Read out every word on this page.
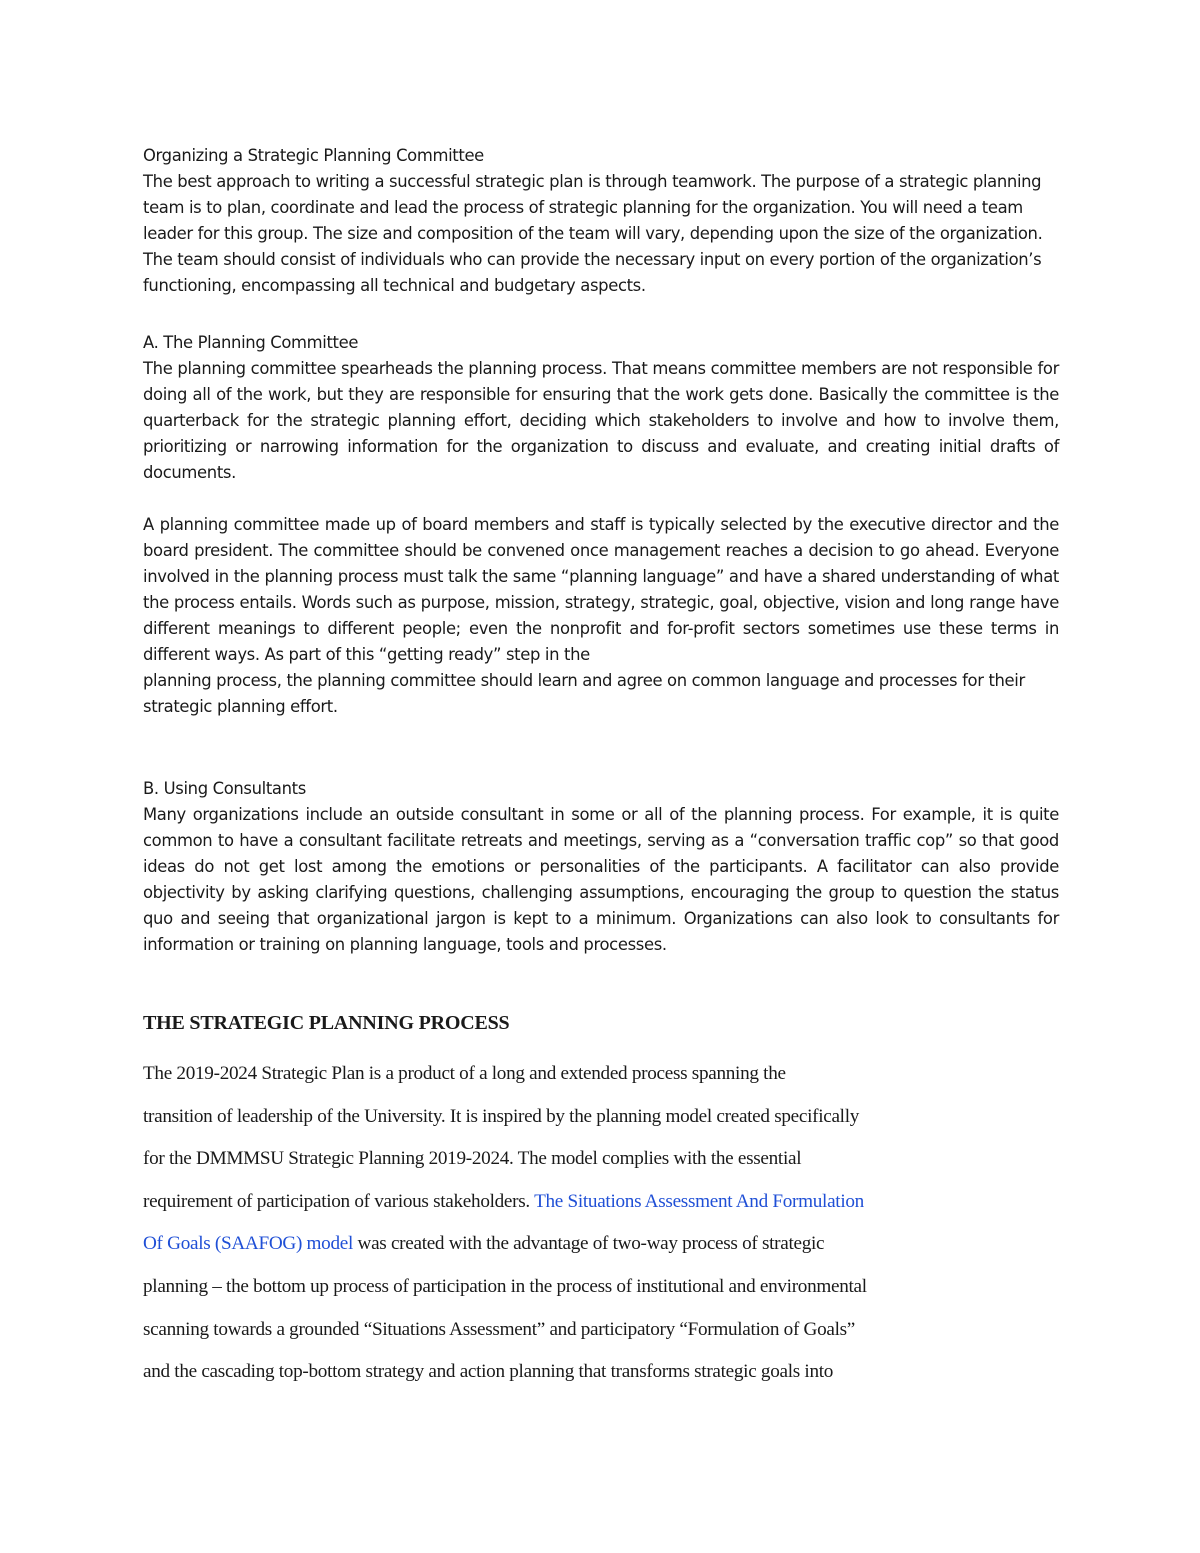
Organizing a Strategic Planning Committee

The best approach to writing a successful strategic plan is through teamwork. The purpose of a strategic planning team is to plan, coordinate and lead the process of strategic planning for the organization. You will need a team leader for this group. The size and composition of the team will vary, depending upon the size of the organization. The team should consist of individuals who can provide the necessary input on every portion of the organization’s functioning, encompassing all technical and budgetary aspects.

A. The Planning Committee

The planning committee spearheads the planning process. That means committee members are not responsible for doing all of the work, but they are responsible for ensuring that the work gets done. Basically the committee is the quarterback for the strategic planning effort, deciding which stakeholders to involve and how to involve them, prioritizing or narrowing information for the organization to discuss and evaluate, and creating initial drafts of documents.

A planning committee made up of board members and staff is typically selected by the executive director and the board president. The committee should be convened once management reaches a decision to go ahead. Everyone involved in the planning process must talk the same “planning language” and have a shared understanding of what the process entails. Words such as purpose, mission, strategy, strategic, goal, objective, vision and long range have different meanings to different people; even the nonprofit and for-profit sectors sometimes use these terms in different ways. As part of this “getting ready” step in the

planning process, the planning committee should learn and agree on common language and processes for their strategic planning effort.

B. Using Consultants

Many organizations include an outside consultant in some or all of the planning process. For example, it is quite common to have a consultant facilitate retreats and meetings, serving as a “conversation traffic cop” so that good ideas do not get lost among the emotions or personalities of the participants. A facilitator can also provide objectivity by asking clarifying questions, challenging assumptions, encouraging the group to question the status quo and seeing that organizational jargon is kept to a minimum. Organizations can also look to consultants for information or training on planning language, tools and processes.

THE STRATEGIC PLANNING PROCESS
The 2019-2024 Strategic Plan is a product of a long and extended process spanning the
transition of leadership of the University. It is inspired by the planning model created specifically
for the DMMMSU Strategic Planning 2019-2024. The model complies with the essential
requirement of participation of various stakeholders. The Situations Assessment And Formulation
Of Goals (SAAFOG) model was created with the advantage of two-way process of strategic
planning – the bottom up process of participation in the process of institutional and environmental
scanning towards a grounded “Situations Assessment” and participatory “Formulation of Goals”
and the cascading top-bottom strategy and action planning that transforms strategic goals into
